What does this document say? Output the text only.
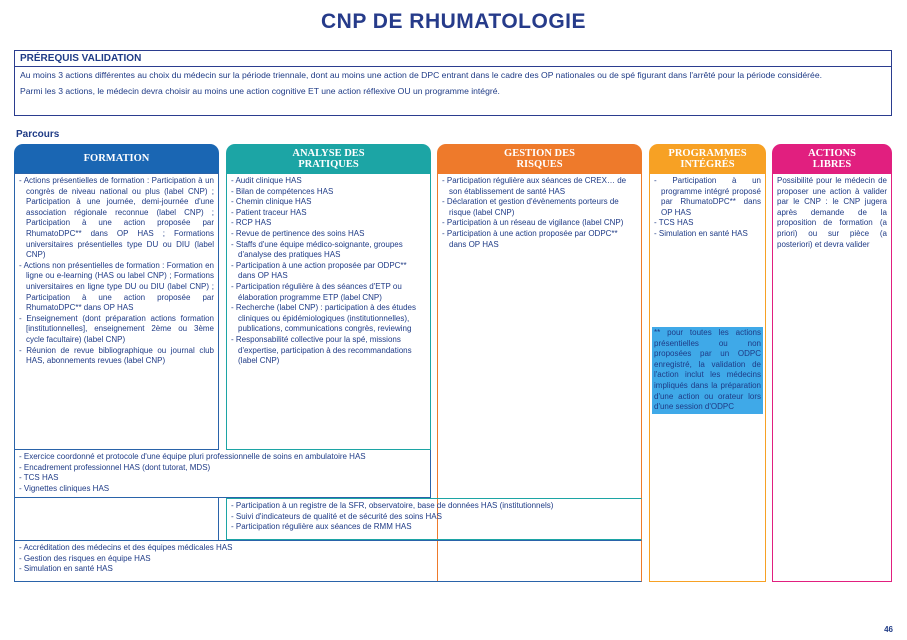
CNP DE RHUMATOLOGIE
PRÉREQUIS VALIDATION

Au moins 3 actions différentes au choix du médecin sur la période triennale, dont au moins une action de DPC entrant dans le cadre des OP nationales ou de spé figurant dans l'arrêté pour la période considérée.

Parmi les 3 actions, le médecin devra choisir au moins une action cognitive ET une action réflexive OU un programme intégré.

Parcours
FORMATION	ANALYSE DES PRATIQUES
GESTION DES RISQUES
PROGRAMMES INTÉGRÉS
ACTIONS LIBRES
- Actions présentielles de formation : Participation à un congrès de niveau national ou plus (label CNP) ; Participation à une journée, demi-journée d'une association régionale reconnue (label CNP) ; Participation à une action proposée par RhumatoDPC** dans OP HAS ; Formations universitaires présentielles type DU ou DIU (label CNP)
- Actions non présentielles de formation : Formation en ligne ou e-learning (HAS ou label CNP) ; Formations universitaires en ligne type DU ou DIU (label CNP) ; Participation à une action proposée par RhumatoDPC** dans OP HAS
- Enseignement (dont préparation actions formation [institutionnelles], enseignement 2ème ou 3ème cycle facultaire) (label CNP)
- Réunion de revue bibliographique ou journal club HAS, abonnements revues (label CNP)
- Audit clinique HAS
- Bilan de compétences HAS
- Chemin clinique HAS
- Patient traceur HAS
- RCP HAS
- Revue de pertinence des soins HAS
- Staffs d'une équipe médico-soignante, groupes d'analyse des pratiques HAS
- Participation à une action proposée par ODPC** dans OP HAS
- Participation régulière à des séances d'ETP ou élaboration programme ETP (label CNP)
- Recherche (label CNP) : participation à des études cliniques ou épidémiologiques (institutionnelles), publications, communications congrès, reviewing
- Responsabilité collective pour la spé, missions d'expertise, participation à des recommandations (label CNP)
- Participation régulière aux séances de CREX… de son établissement de santé HAS
- Déclaration et gestion d'évènements porteurs de risque (label CNP)
- Participation à un réseau de vigilance (label CNP)
- Participation à une action proposée par ODPC** dans OP HAS
- Participation à un programme intégré proposé par RhumatoDPC** dans OP HAS
- TCS HAS
- Simulation en santé HAS
** pour toutes les actions présentielles ou non proposées par un ODPC enregistré, la validation de l'action inclut les médecins impliqués dans la préparation d'une action ou orateur lors d'une session d'ODPC
Possibilité pour le médecin de proposer une action à valider par le CNP : le CNP jugera après demande de la proposition de formation (a priori) ou sur pièce (a posteriori) et devra valider
- Exercice coordonné et protocole d'une équipe pluri professionnelle de soins en ambulatoire HAS
- Encadrement professionnel HAS (dont tutorat, MDS)
- TCS HAS
- Vignettes cliniques HAS
- Participation à un registre de la SFR, observatoire, base de données HAS (institutionnels)
- Suivi d'indicateurs de qualité et de sécurité des soins HAS
- Participation régulière aux séances de RMM HAS
- Accréditation des médecins et des équipes médicales HAS
- Gestion des risques en équipe HAS
- Simulation en santé HAS
46
